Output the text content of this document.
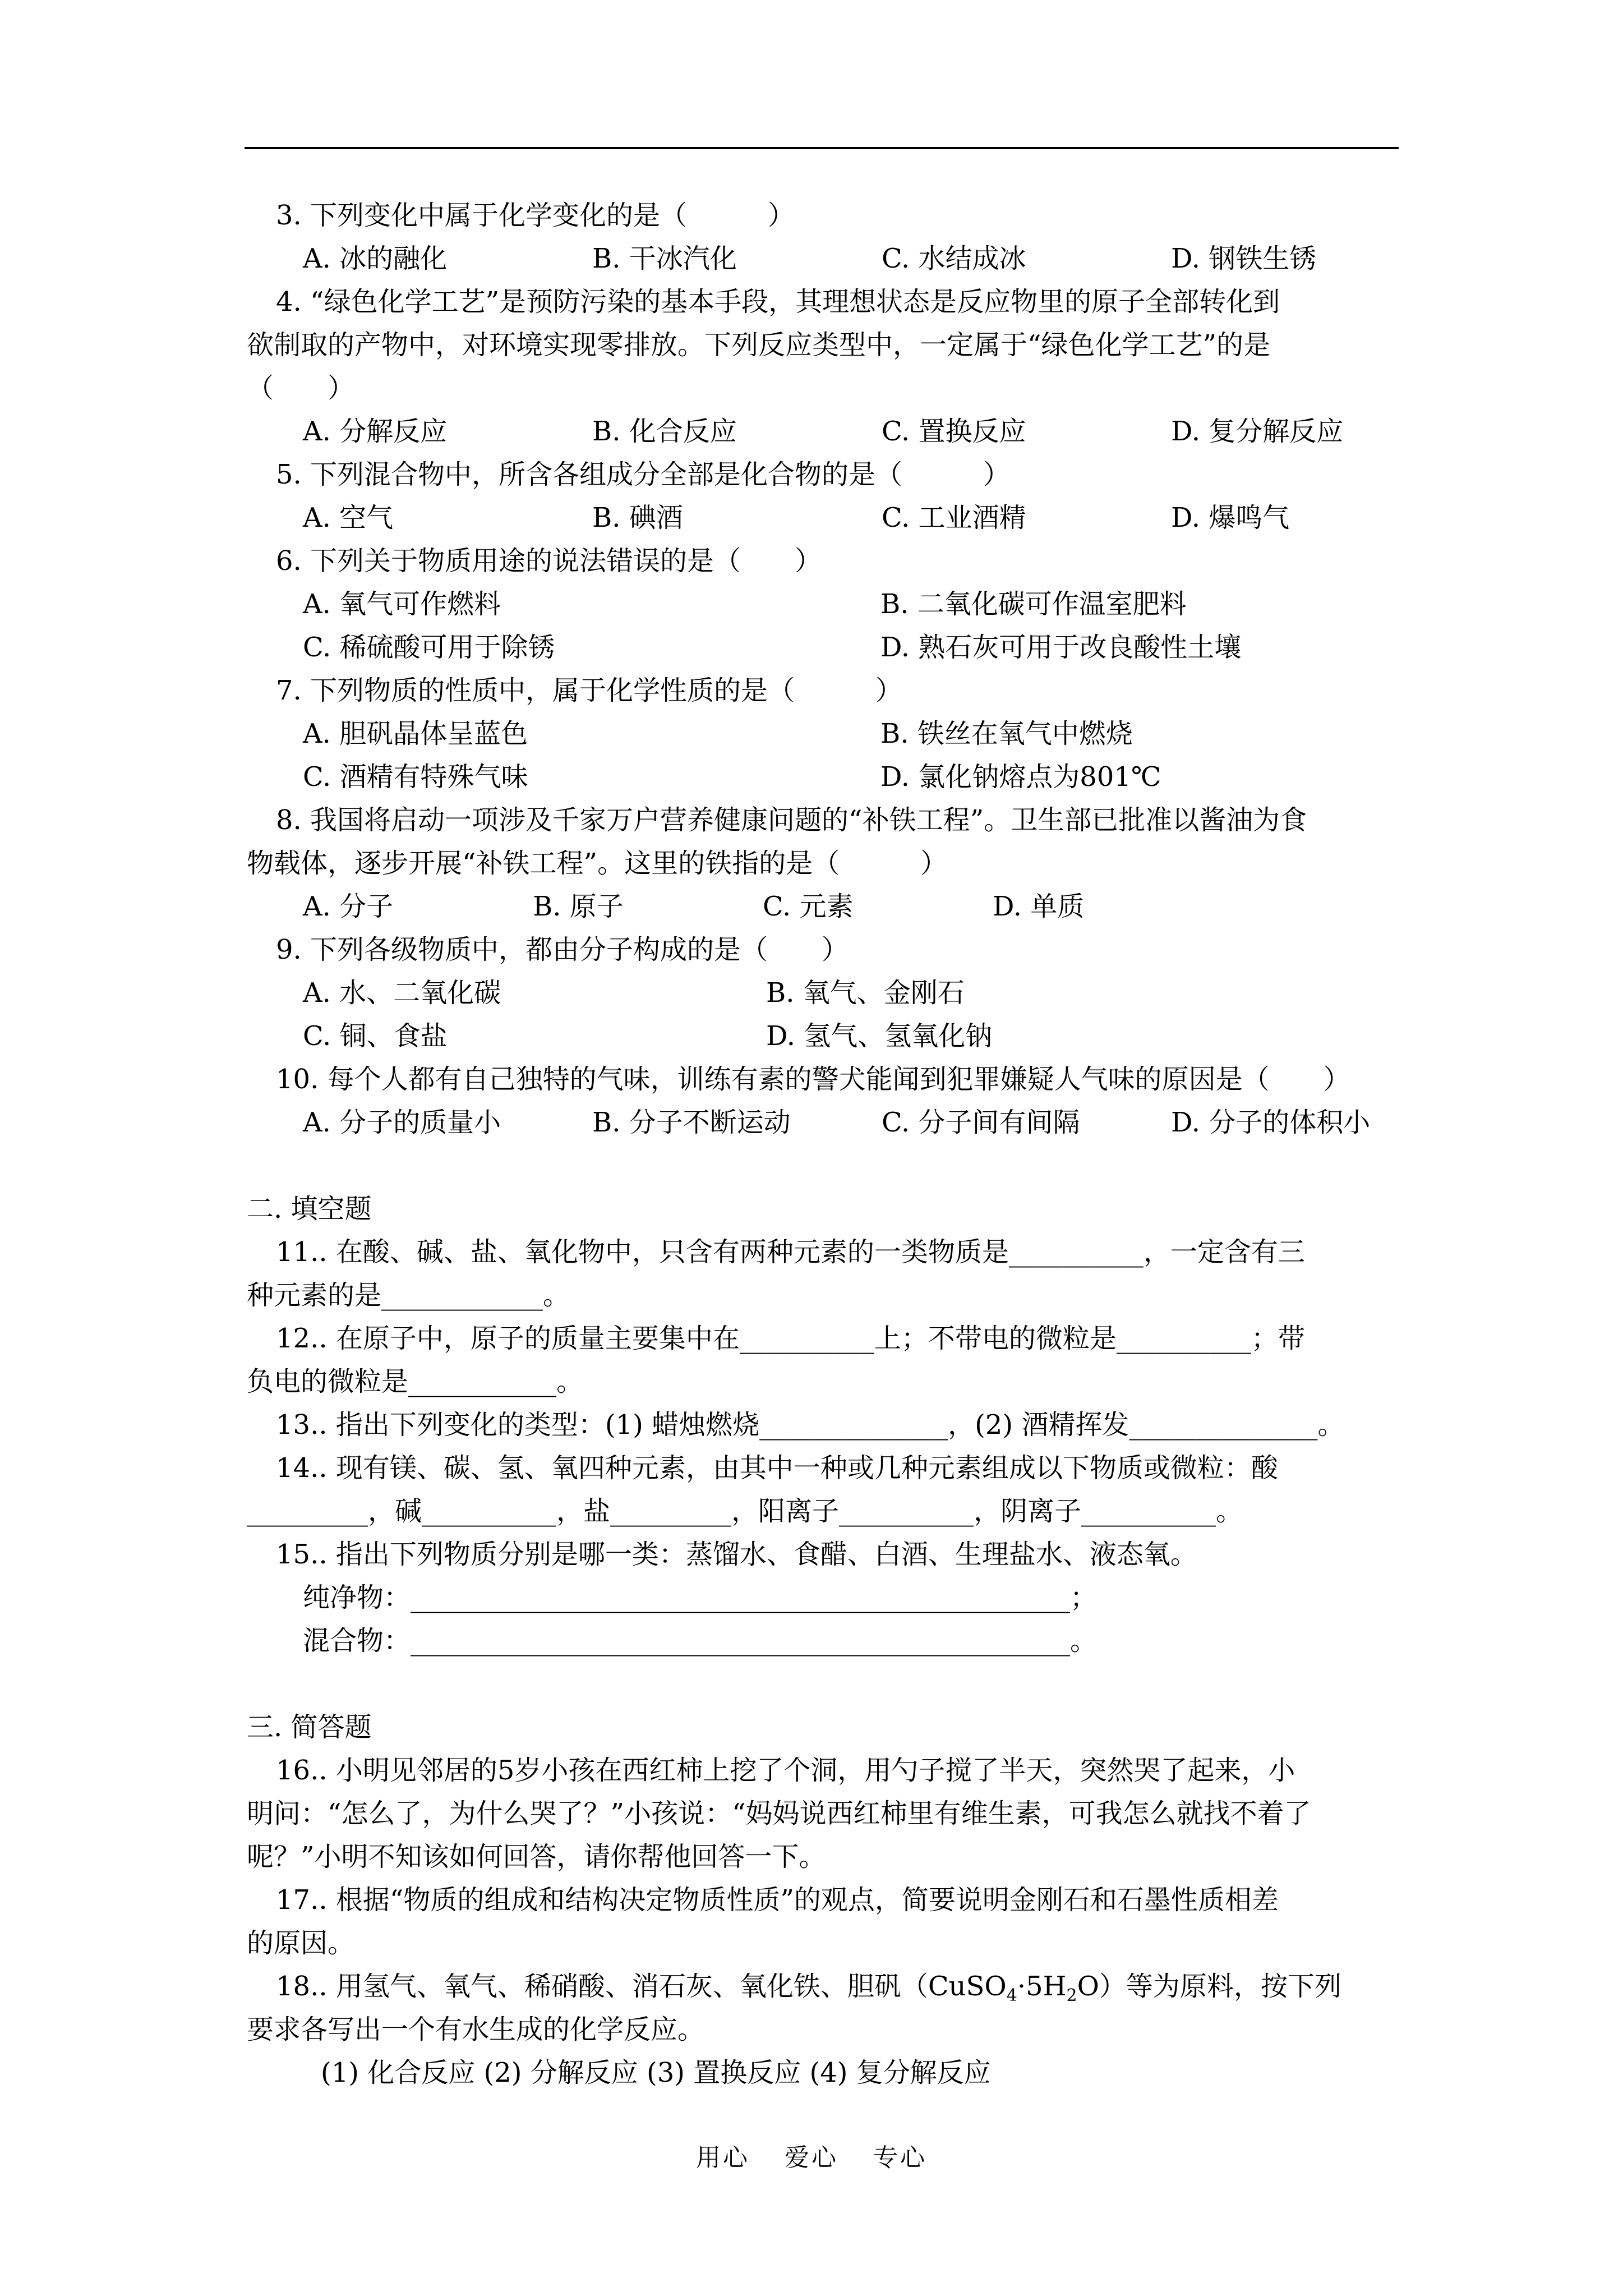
3. 下列变化中属于化学变化的是（　　　）
A. 冰的融化	B. 干冰汽化	C. 水结成冰	D. 钢铁生锈
4. “绿色化学工艺”是预防污染的基本手段，其理想状态是反应物里的原子全部转化到
欲制取的产物中，对环境实现零排放。下列反应类型中，一定属于“绿色化学工艺”的是
（　　）
A. 分解反应	B. 化合反应	C. 置换反应	D. 复分解反应
5. 下列混合物中，所含各组成分全部是化合物的是（　　　）
A. 空气	B. 碘酒	C. 工业酒精	D. 爆鸣气
6. 下列关于物质用途的说法错误的是（　　）
A. 氧气可作燃料	B. 二氧化碳可作温室肥料
C. 稀硫酸可用于除锈	D. 熟石灰可用于改良酸性土壤
7. 下列物质的性质中，属于化学性质的是（　　　）
A. 胆矾晶体呈蓝色	B. 铁丝在氧气中燃烧
C. 酒精有特殊气味	D. 氯化钠熔点为801℃
8. 我国将启动一项涉及千家万户营养健康问题的“补铁工程”。卫生部已批准以酱油为食
物载体，逐步开展“补铁工程”。这里的铁指的是（　　　）
A. 分子	B. 原子	C. 元素	D. 单质
9. 下列各级物质中，都由分子构成的是（　　）
A. 水、二氧化碳	B. 氧气、金刚石
C. 铜、食盐	D. 氢气、氢氧化钠
10. 每个人都有自己独特的气味，训练有素的警犬能闻到犯罪嫌疑人气味的原因是（　　）
A. 分子的质量小	B. 分子不断运动	C. 分子间有间隔	D. 分子的体积小
二. 填空题
11.. 在酸、碱、盐、氧化物中，只含有两种元素的一类物质是__________，一定含有三
种元素的是____________。
12.. 在原子中，原子的质量主要集中在__________上；不带电的微粒是__________；带
负电的微粒是___________。
13.. 指出下列变化的类型：(1) 蜡烛燃烧______________，(2) 酒精挥发______________。
14.. 现有镁、碳、氢、氧四种元素，由其中一种或几种元素组成以下物质或微粒：酸
_________，碱__________，盐_________，阳离子__________，阴离子__________。
15.. 指出下列物质分别是哪一类：蒸馏水、食醋、白酒、生理盐水、液态氧。
纯净物：_________________________________________________；
混合物：_________________________________________________。
三. 简答题
16.. 小明见邻居的5岁小孩在西红柿上挖了个洞，用勺子搅了半天，突然哭了起来，小
明问：“怎么了，为什么哭了？”小孩说：“妈妈说西红柿里有维生素，可我怎么就找不着了
呢？”小明不知该如何回答，请你帮他回答一下。
17.. 根据“物质的组成和结构决定物质性质”的观点，简要说明金刚石和石墨性质相差
的原因。
18.. 用氢气、氧气、稀硝酸、消石灰、氧化铁、胆矾$(CuSO_4\cdot 5H_2O)$等为原料，按下列
要求各写出一个有水生成的化学反应。
(1) 化合反应 (2) 分解反应 (3) 置换反应 (4) 复分解反应
用心 爱心 专心
